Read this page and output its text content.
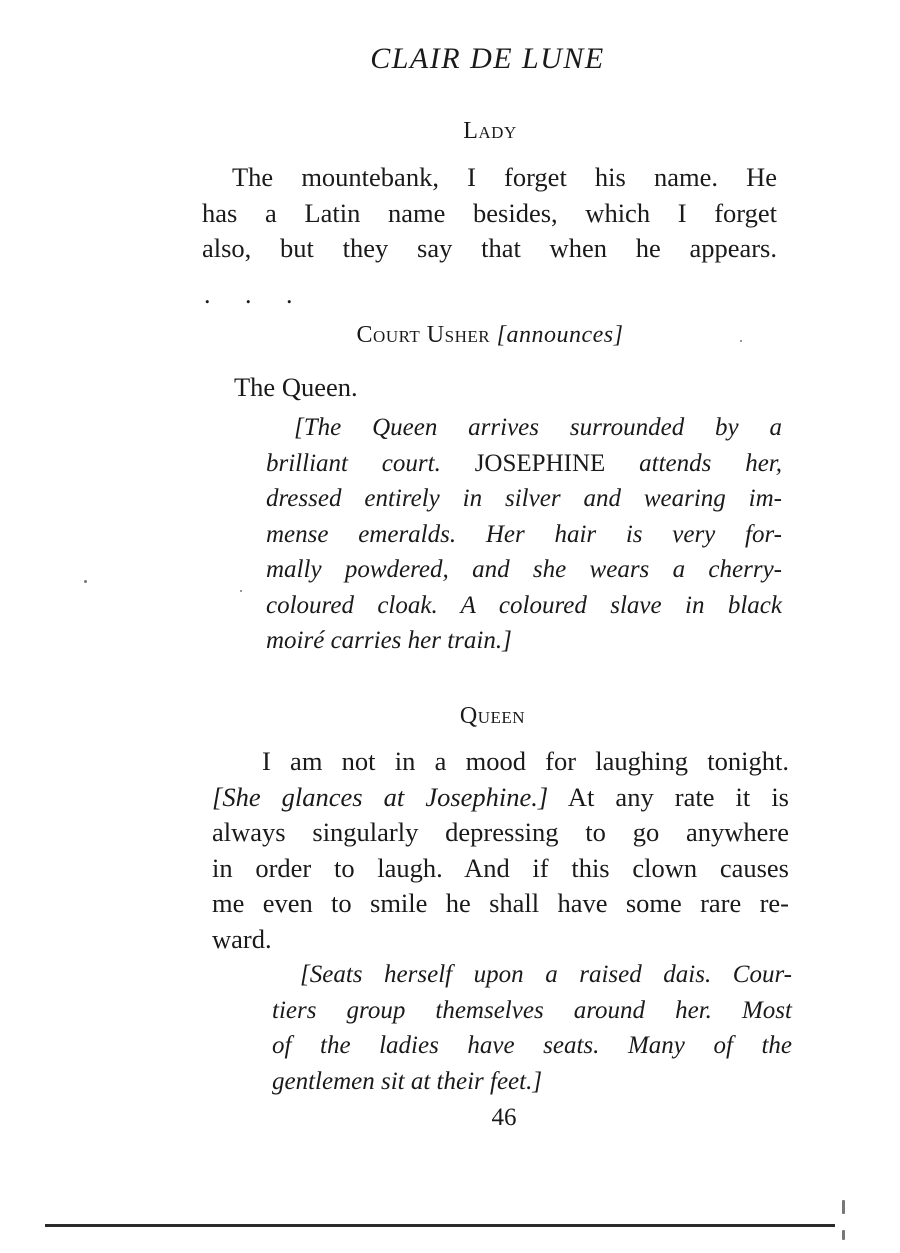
CLAIR DE LUNE
Lady
The mountebank, I forget his name. He
has a Latin name besides, which I forget
also, but they say that when he appears.
. . .
Court Usher [announces]
The Queen.
[The Queen arrives surrounded by a
brilliant court. JOSEPHINE attends her,
dressed entirely in silver and wearing im-
mense emeralds. Her hair is very for-
mally powdered, and she wears a cherry-
coloured cloak. A coloured slave in black
moiré carries her train.]
Queen
I am not in a mood for laughing tonight.
[She glances at Josephine.] At any rate it is
always singularly depressing to go anywhere
in order to laugh. And if this clown causes
me even to smile he shall have some rare re-
ward.
[Seats herself upon a raised dais. Cour-
tiers group themselves around her. Most
of the ladies have seats. Many of the
gentlemen sit at their feet.]
46
